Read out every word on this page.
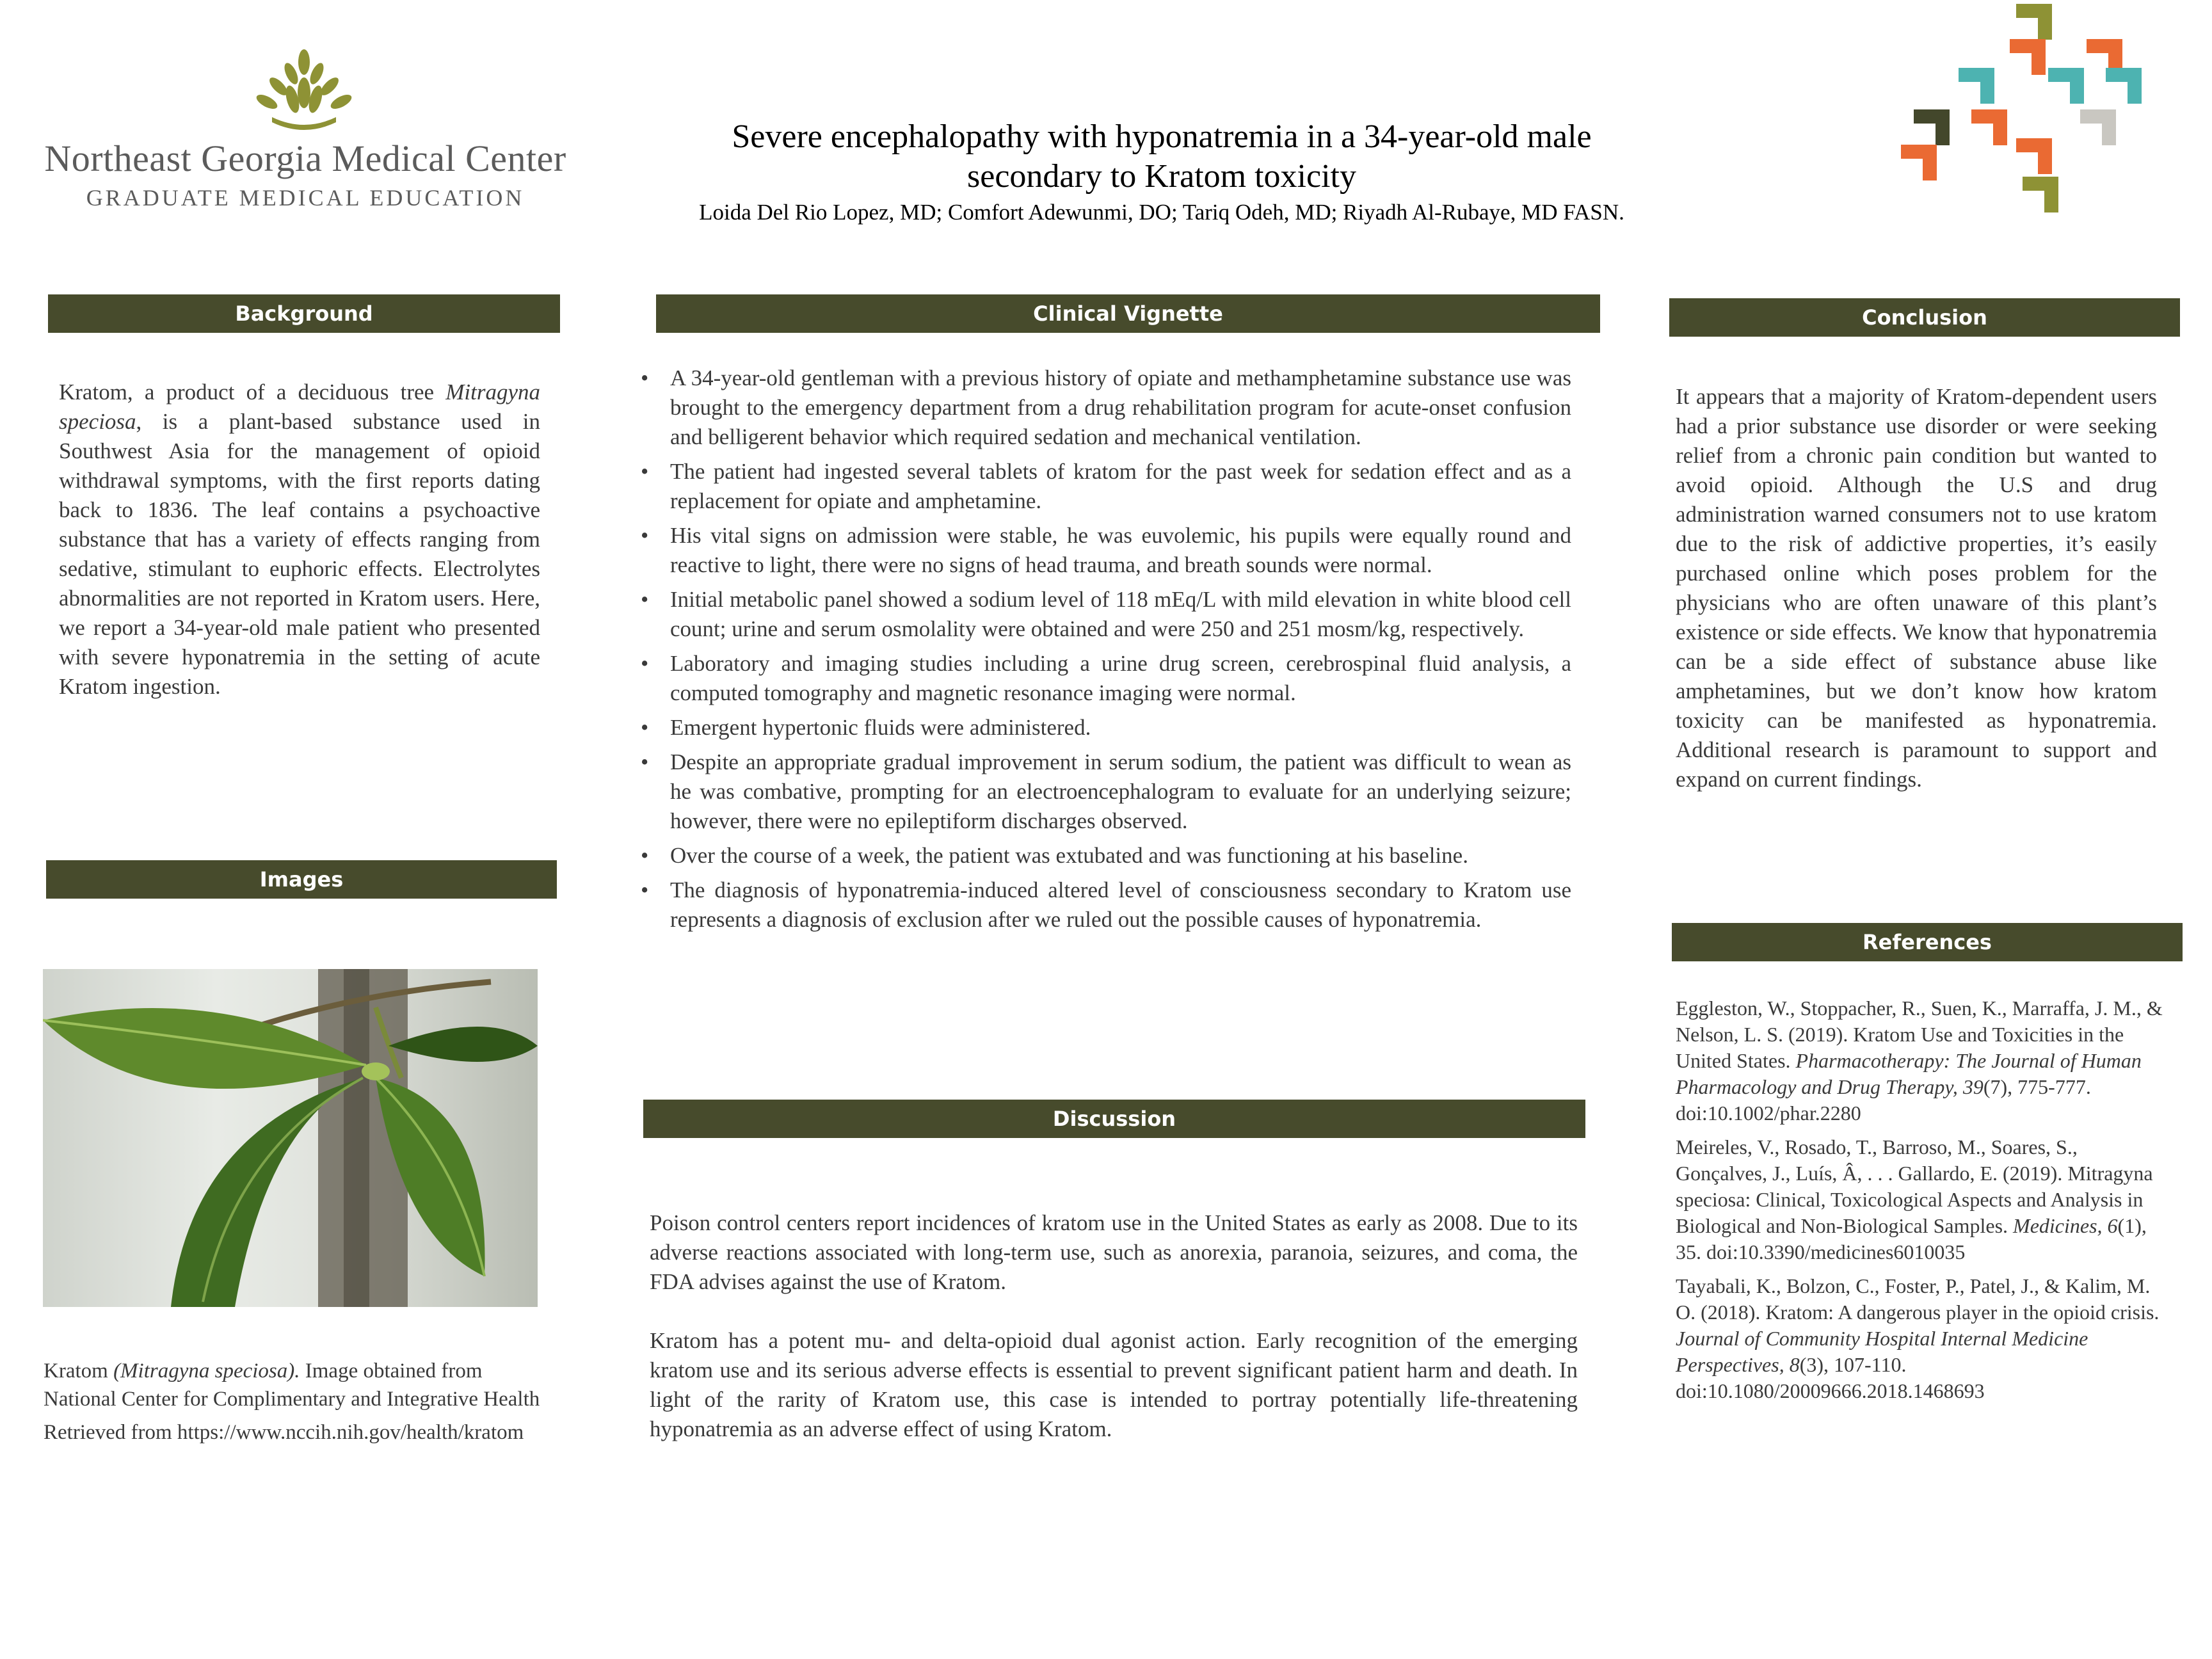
Northeast Georgia Medical Center
GRADUATE MEDICAL EDUCATION
Severe encephalopathy with hyponatremia in a 34-year-old male
secondary to Kratom toxicity
Loida Del Rio Lopez, MD; Comfort Adewunmi, DO; Tariq Odeh, MD; Riyadh Al-Rubaye, MD FASN.
Background
Kratom, a product of a deciduous tree Mitragyna speciosa, is a plant-based substance used in Southwest Asia for the management of opioid withdrawal symptoms, with the first reports dating back to 1836. The leaf contains a psychoactive substance that has a variety of effects ranging from sedative, stimulant to euphoric effects. Electrolytes abnormalities are not reported in Kratom users. Here, we report a 34-year-old male patient who presented with severe hyponatremia in the setting of acute Kratom ingestion.
Images

Kratom (Mitragyna speciosa). Image obtained from National Center for Complimentary and Integrative Health

Retrieved from https://www.nccih.nih.gov/health/kratom

Clinical Vignette
• A 34-year-old gentleman with a previous history of opiate and methamphetamine substance use was brought to the emergency department from a drug rehabilitation program for acute-onset confusion and belligerent behavior which required sedation and mechanical ventilation.
• The patient had ingested several tablets of kratom for the past week for sedation effect and as a replacement for opiate and amphetamine.
• His vital signs on admission were stable, he was euvolemic, his pupils were equally round and reactive to light, there were no signs of head trauma, and breath sounds were normal.
• Initial metabolic panel showed a sodium level of 118 mEq/L with mild elevation in white blood cell count; urine and serum osmolality were obtained and were 250 and 251 mosm/kg, respectively.
• Laboratory and imaging studies including a urine drug screen, cerebrospinal fluid analysis, a computed tomography and magnetic resonance imaging were normal.
• Emergent hypertonic fluids were administered.
• Despite an appropriate gradual improvement in serum sodium, the patient was difficult to wean as he was combative, prompting for an electroencephalogram to evaluate for an underlying seizure; however, there were no epileptiform discharges observed.
• Over the course of a week, the patient was extubated and was functioning at his baseline.
• The diagnosis of hyponatremia-induced altered level of consciousness secondary to Kratom use represents a diagnosis of exclusion after we ruled out the possible causes of hyponatremia.
Discussion
Poison control centers report incidences of kratom use in the United States as early as 2008. Due to its adverse reactions associated with long-term use, such as anorexia, paranoia, seizures, and coma, the FDA advises against the use of Kratom.
Kratom has a potent mu- and delta-opioid dual agonist action. Early recognition of the emerging kratom use and its serious adverse effects is essential to prevent significant patient harm and death. In light of the rarity of Kratom use, this case is intended to portray potentially life-threatening hyponatremia as an adverse effect of using Kratom.
Conclusion
It appears that a majority of Kratom-dependent users had a prior substance use disorder or were seeking relief from a chronic pain condition but wanted to avoid opioid. Although the U.S and drug administration warned consumers not to use kratom due to the risk of addictive properties, it’s easily purchased online which poses problem for the physicians who are often unaware of this plant’s existence or side effects. We know that hyponatremia can be a side effect of substance abuse like amphetamines, but we don’t know how kratom toxicity can be manifested as hyponatremia. Additional research is paramount to support and expand on current findings.
References

Eggleston, W., Stoppacher, R., Suen, K., Marraffa, J. M., & Nelson, L. S. (2019). Kratom Use and Toxicities in the United States. Pharmacotherapy: The Journal of Human Pharmacology and Drug Therapy, 39(7), 775-777. doi:10.1002/phar.2280

Meireles, V., Rosado, T., Barroso, M., Soares, S., Gonçalves, J., Luís, Â, . . . Gallardo, E. (2019). Mitragyna speciosa: Clinical, Toxicological Aspects and Analysis in Biological and Non-Biological Samples. Medicines, 6(1), 35. doi:10.3390/medicines6010035

Tayabali, K., Bolzon, C., Foster, P., Patel, J., & Kalim, M. O. (2018). Kratom: A dangerous player in the opioid crisis. Journal of Community Hospital Internal Medicine Perspectives, 8(3), 107-110. doi:10.1080/20009666.2018.1468693
